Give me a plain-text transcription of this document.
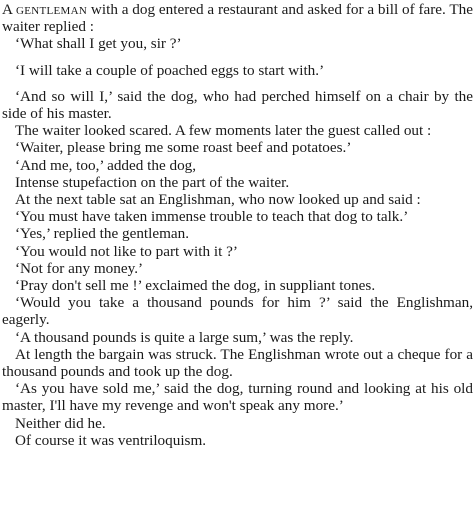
A gentleman with a dog entered a restaurant and asked for a bill of fare. The waiter replied :

‘What shall I get you, sir ?’

‘I will take a couple of poached eggs to start with.’

‘And so will I,’ said the dog, who had perched himself on a chair by the side of his master.

The waiter looked scared. A few moments later the guest called out :

‘Waiter, please bring me some roast beef and potatoes.’

‘And me, too,’ added the dog,

Intense stupefaction on the part of the waiter.

At the next table sat an Englishman, who now looked up and said :

‘You must have taken immense trouble to teach that dog to talk.’

‘Yes,’ replied the gentleman.

‘You would not like to part with it ?’

‘Not for any money.’

‘Pray don't sell me !’ exclaimed the dog, in suppliant tones.

‘Would you take a thousand pounds for him ?’ said the Englishman, eagerly.

‘A thousand pounds is quite a large sum,’ was the reply.

At length the bargain was struck. The Englishman wrote out a cheque for a thousand pounds and took up the dog.

‘As you have sold me,’ said the dog, turning round and looking at his old master, I'll have my revenge and won't speak any more.’

Neither did he.

Of course it was ventriloquism.
